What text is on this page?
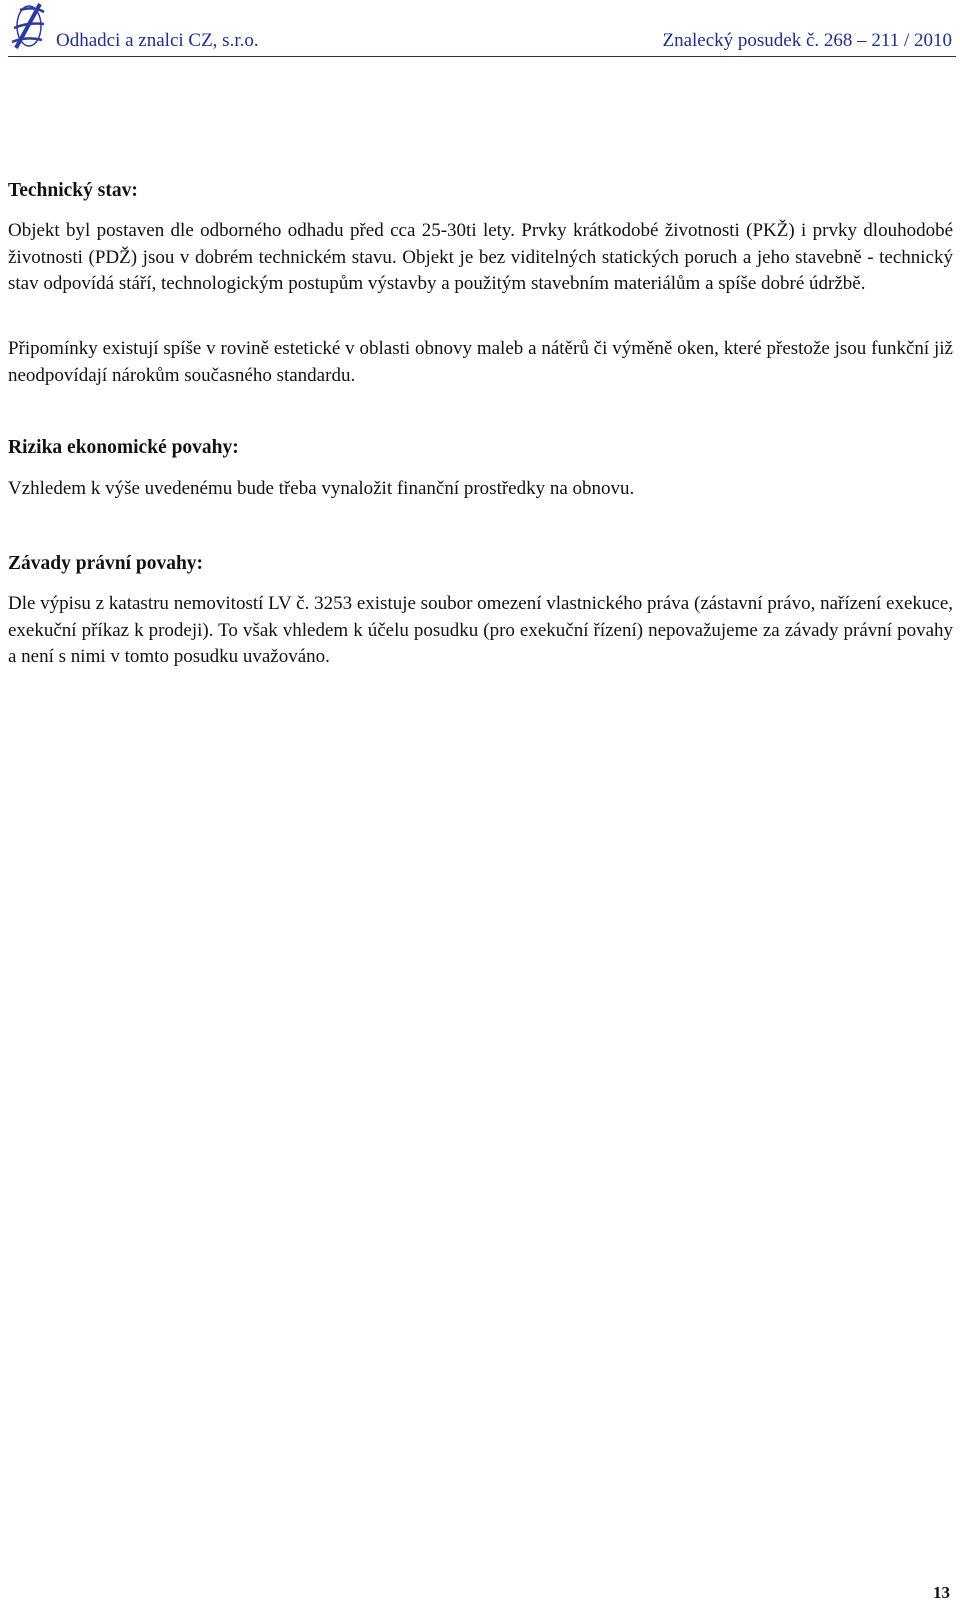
Odhadci a znalci CZ, s.r.o.	Znalecký posudek č. 268 – 211 / 2010
Technický stav:

Objekt byl postaven dle odborného odhadu před cca 25-30ti lety. Prvky krátkodobé životnosti (PKŽ) i prvky dlouhodobé životnosti (PDŽ) jsou v dobrém technickém stavu. Objekt je bez viditelných statických poruch a jeho stavebně - technický stav odpovídá stáří, technologickým postupům výstavby a použitým stavebním materiálům a spíše dobré údržbě.

Připomínky existují spíše v rovině estetické v oblasti obnovy maleb a nátěrů či výměně oken, které přestože jsou funkční již neodpovídají nárokům současného standardu.

Rizika ekonomické povahy:

Vzhledem k výše uvedenému bude třeba vynaložit finanční prostředky na obnovu.

Závady právní povahy:

Dle výpisu z katastru nemovitostí LV č. 3253 existuje soubor omezení vlastnického práva (zástavní právo, nařízení exekuce, exekuční příkaz k prodeji). To však vhledem k účelu posudku (pro exekuční řízení) nepovažujeme za závady právní povahy a není s nimi v tomto posudku uvažováno.

13
